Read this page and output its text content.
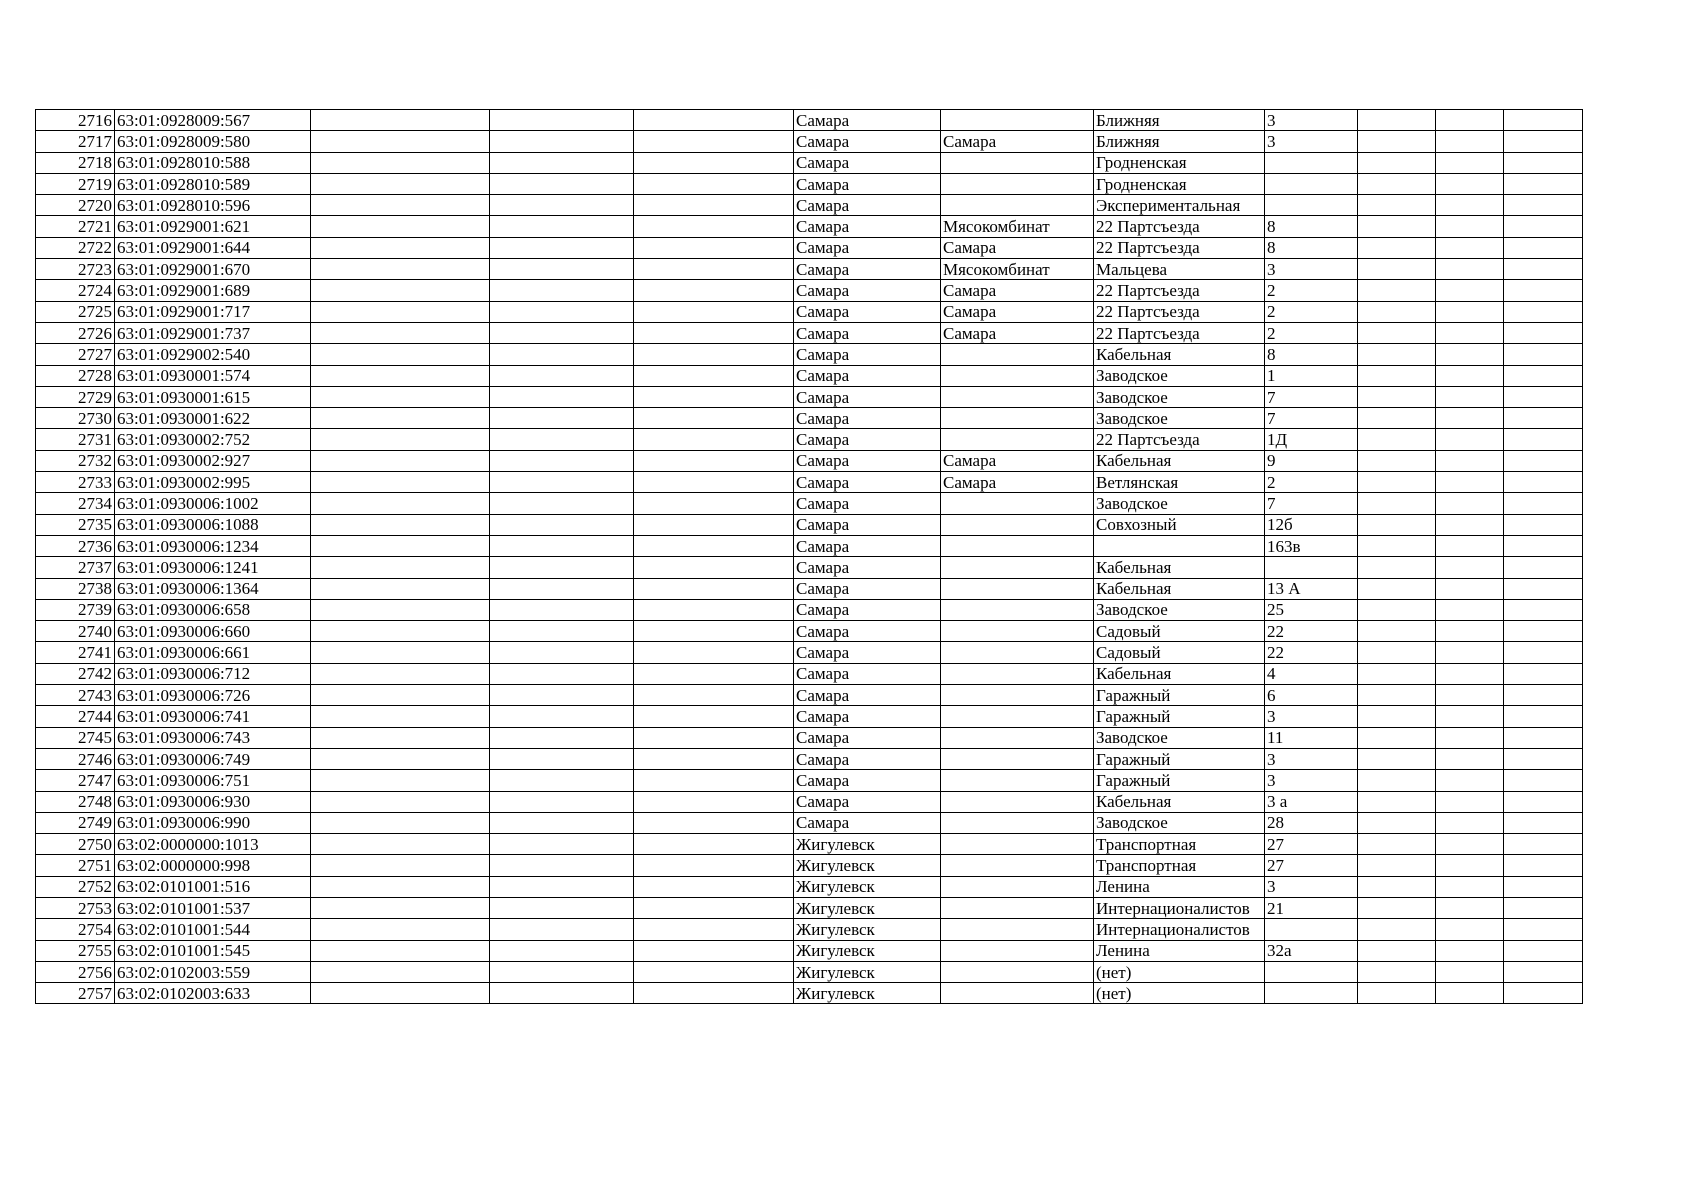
2716	63:01:0928009:567				Самара		Ближняя	3			
2717	63:01:0928009:580				Самара	Самара	Ближняя	3			
2718	63:01:0928010:588				Самара		Гродненская				
2719	63:01:0928010:589				Самара		Гродненская				
2720	63:01:0928010:596				Самара		Экспериментальная				
2721	63:01:0929001:621				Самара	Мясокомбинат	22 Партсъезда	8			
2722	63:01:0929001:644				Самара	Самара	22 Партсъезда	8			
2723	63:01:0929001:670				Самара	Мясокомбинат	Мальцева	3			
2724	63:01:0929001:689				Самара	Самара	22 Партсъезда	2			
2725	63:01:0929001:717				Самара	Самара	22 Партсъезда	2			
2726	63:01:0929001:737				Самара	Самара	22 Партсъезда	2			
2727	63:01:0929002:540				Самара		Кабельная	8			
2728	63:01:0930001:574				Самара		Заводское	1			
2729	63:01:0930001:615				Самара		Заводское	7			
2730	63:01:0930001:622				Самара		Заводское	7			
2731	63:01:0930002:752				Самара		22 Партсъезда	1Д			
2732	63:01:0930002:927				Самара	Самара	Кабельная	9			
2733	63:01:0930002:995				Самара	Самара	Ветлянская	2			
2734	63:01:0930006:1002				Самара		Заводское	7			
2735	63:01:0930006:1088				Самара		Совхозный	12б			
2736	63:01:0930006:1234				Самара			163в			
2737	63:01:0930006:1241				Самара		Кабельная				
2738	63:01:0930006:1364				Самара		Кабельная	13 А			
2739	63:01:0930006:658				Самара		Заводское	25			
2740	63:01:0930006:660				Самара		Садовый	22			
2741	63:01:0930006:661				Самара		Садовый	22			
2742	63:01:0930006:712				Самара		Кабельная	4			
2743	63:01:0930006:726				Самара		Гаражный	6			
2744	63:01:0930006:741				Самара		Гаражный	3			
2745	63:01:0930006:743				Самара		Заводское	11			
2746	63:01:0930006:749				Самара		Гаражный	3			
2747	63:01:0930006:751				Самара		Гаражный	3			
2748	63:01:0930006:930				Самара		Кабельная	3 а			
2749	63:01:0930006:990				Самара		Заводское	28			
2750	63:02:0000000:1013				Жигулевск		Транспортная	27			
2751	63:02:0000000:998				Жигулевск		Транспортная	27			
2752	63:02:0101001:516				Жигулевск		Ленина	3			
2753	63:02:0101001:537				Жигулевск		Интернационалистов	21			
2754	63:02:0101001:544				Жигулевск		Интернационалистов				
2755	63:02:0101001:545				Жигулевск		Ленина	32а			
2756	63:02:0102003:559				Жигулевск		(нет)				
2757	63:02:0102003:633				Жигулевск		(нет)				
